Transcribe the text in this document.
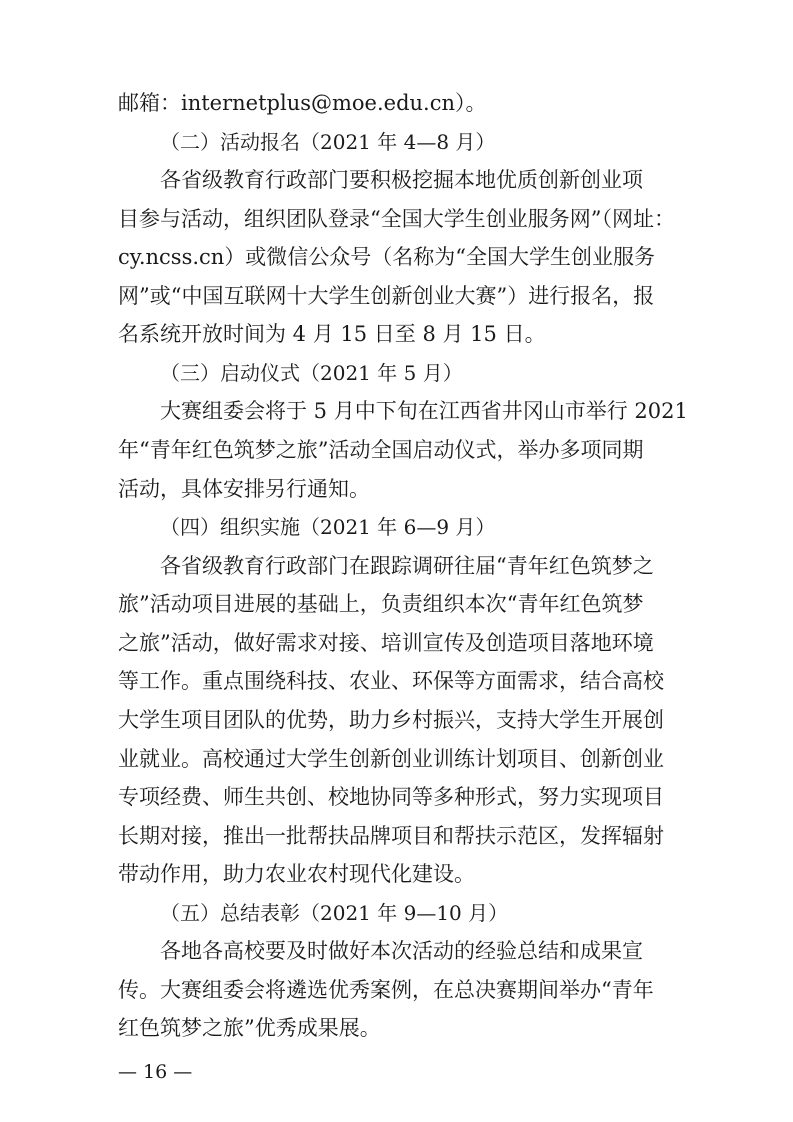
邮箱：internetplus@moe.edu.cn）。

（二）活动报名（2021 年 4—8 月）

各省级教育行政部门要积极挖掘本地优质创新创业项

目参与活动，组织团队登录“全国大学生创业服务网”（网址：

cy.ncss.cn）或微信公众号（名称为“全国大学生创业服务

网”或“中国互联网十大学生创新创业大赛”）进行报名，报

名系统开放时间为 4 月 15 日至 8 月 15 日。

（三）启动仪式（2021 年 5 月）

大赛组委会将于 5 月中下旬在江西省井冈山市举行 2021

年“青年红色筑梦之旅”活动全国启动仪式，举办多项同期

活动，具体安排另行通知。

（四）组织实施（2021 年 6—9 月）

各省级教育行政部门在跟踪调研往届“青年红色筑梦之

旅”活动项目进展的基础上，负责组织本次“青年红色筑梦

之旅”活动，做好需求对接、培训宣传及创造项目落地环境

等工作。重点围绕科技、农业、环保等方面需求，结合高校

大学生项目团队的优势，助力乡村振兴，支持大学生开展创

业就业。高校通过大学生创新创业训练计划项目、创新创业

专项经费、师生共创、校地协同等多种形式，努力实现项目

长期对接，推出一批帮扶品牌项目和帮扶示范区，发挥辐射

带动作用，助力农业农村现代化建设。

（五）总结表彰（2021 年 9—10 月）

各地各高校要及时做好本次活动的经验总结和成果宣

传。大赛组委会将遴选优秀案例，在总决赛期间举办“青年

红色筑梦之旅”优秀成果展。

— 16 —
